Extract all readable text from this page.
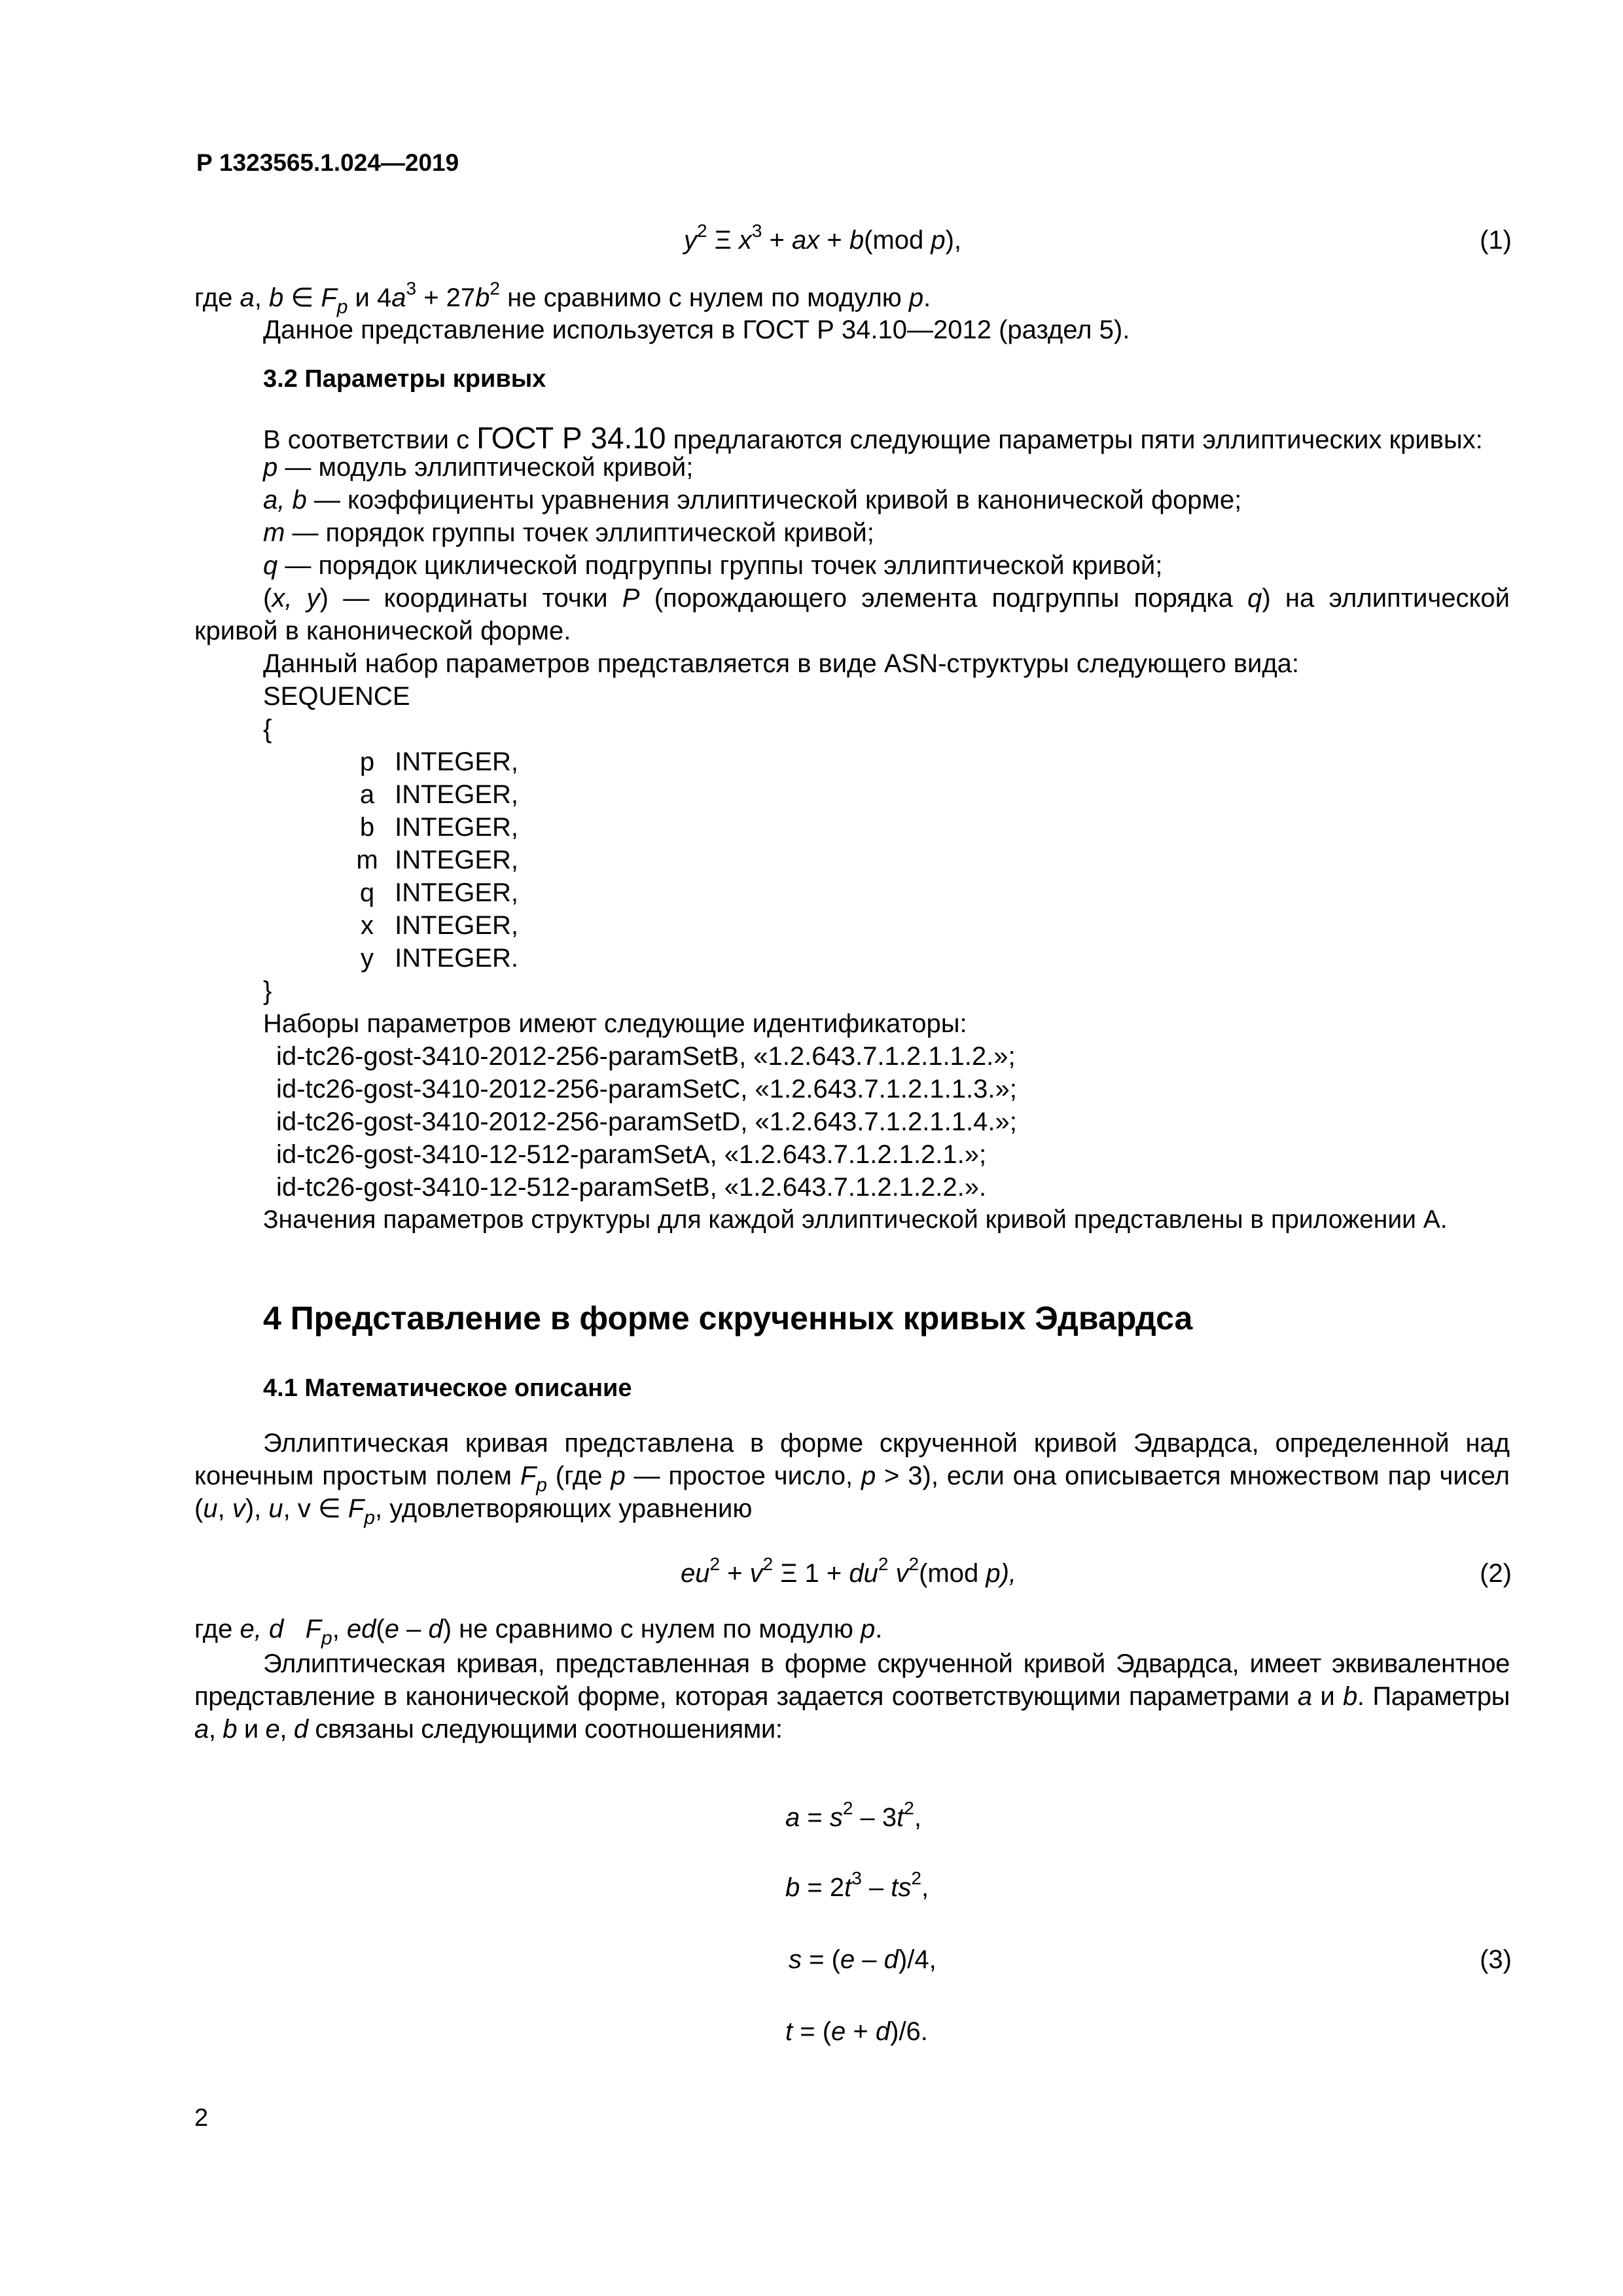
Р 1323565.1.024—2019
$y^2$ Ξ $x^3$ + ax + b(mod p),	(1)
где a, b ∈ $F_p$ и $4a^3 + 27b^2$ не сравнимо с нулем по модулю p.
Данное представление используется в ГОСТ Р 34.10—2012 (раздел 5).
3.2 Параметры кривых
В соответствии с ГОСТ Р 34.10 предлагаются следующие параметры пяти эллиптических кривых:
p — модуль эллиптической кривой;
a, b — коэффициенты уравнения эллиптической кривой в канонической форме;
m — порядок группы точек эллиптической кривой;
q — порядок циклической подгруппы группы точек эллиптической кривой;
(x, y) — координаты точки P (порождающего элемента подгруппы порядка q) на эллиптической
кривой в канонической форме.
Данный набор параметров представляется в виде ASN-структуры следующего вида:
SEQUENCE
{
p INTEGER,
a INTEGER,
b INTEGER,
m INTEGER,
q INTEGER,
x INTEGER,
y INTEGER.
}
Наборы параметров имеют следующие идентификаторы:
id-tc26-gost-3410-2012-256-paramSetB, «1.2.643.7.1.2.1.1.2.»;
id-tc26-gost-3410-2012-256-paramSetC, «1.2.643.7.1.2.1.1.3.»;
id-tc26-gost-3410-2012-256-paramSetD, «1.2.643.7.1.2.1.1.4.»;
id-tc26-gost-3410-12-512-paramSetA, «1.2.643.7.1.2.1.2.1.»;
id-tc26-gost-3410-12-512-paramSetB, «1.2.643.7.1.2.1.2.2.».
Значения параметров структуры для каждой эллиптической кривой представлены в приложении А.
4 Представление в форме скрученных кривых Эдвардса
4.1 Математическое описание
Эллиптическая кривая представлена в форме скрученной кривой Эдвардса, определенной над конечным простым полем $F_p$ (где p — простое число, p > 3), если она описывается множеством пар чисел (u, v), u, v ∈ $F_p$, удовлетворяющих уравнению
$eu^2 + v^2$ Ξ $1 + du^2$ $v^2(mod$ p),	(2)
где e, d $F_p$, ed(e – d) не сравнимо с нулем по модулю p.
Эллиптическая кривая, представленная в форме скрученной кривой Эдвардса, имеет эквивалентное представление в канонической форме, которая задается соответствующими параметрами a и b. Параметры a, b и e, d связаны следующими соотношениями:
$a = s^2 - 3t^2$,
$b = 2t^3 - ts^2$,
s = (e – d)/4,	(3)
t = (e + d)/6.
2
